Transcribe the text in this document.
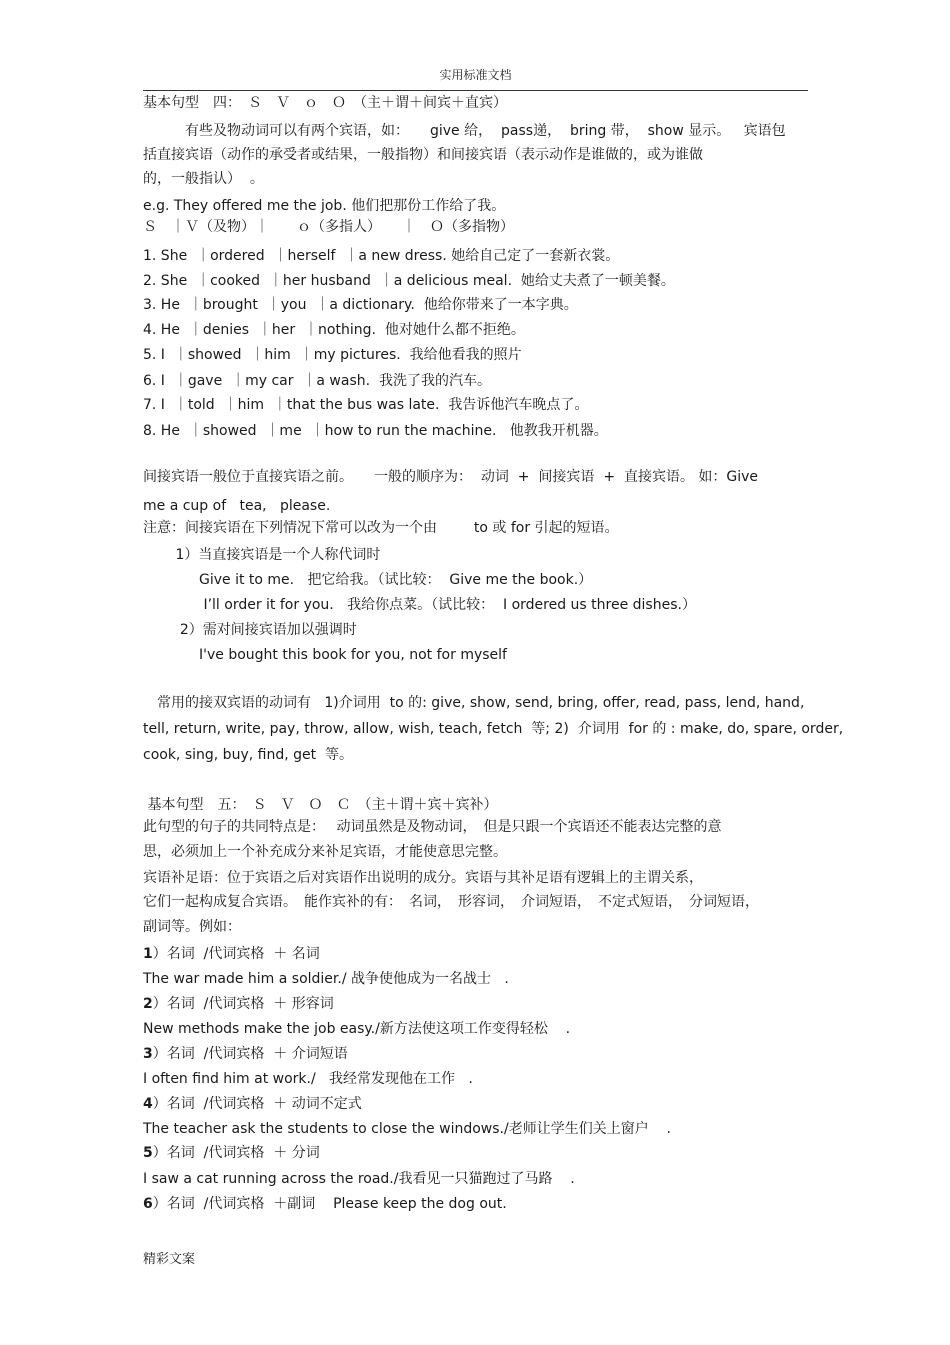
实用标准文档
基本句型　四：　Ｓ　Ｖ　ｏ　Ｏ　（主＋谓＋间宾＋直宾）
　　　有些及物动词可以有两个宾语，如：　　give 给，  pass递，  bring 带，  show 显示。   宾语包
括直接宾语（动作的承受者或结果，一般指物）和间接宾语（表示动作是谁做的，或为谁做
的，一般指认）  。
e.g. They offered me the job. 他们把那份工作给了我。
Ｓ　｜Ｖ（及物）｜　　ｏ（多指人）　　｜　Ｏ（多指物）
1. She  ｜ordered  ｜herself  ｜a new dress. 她给自己定了一套新衣裳。
2. She  ｜cooked  ｜her husband  ｜a delicious meal.  她给丈夫煮了一顿美餐。
3. He  ｜brought  ｜you  ｜a dictionary.  他给你带来了一本字典。
4. He  ｜denies  ｜her  ｜nothing.  他对她什么都不拒绝。
5. I  ｜showed  ｜him  ｜my pictures.  我给他看我的照片
6. I  ｜gave  ｜my car  ｜a wash.  我洗了我的汽车。
7. I  ｜told  ｜him  ｜that the bus was late.  我告诉他汽车晚点了。
8. He  ｜showed  ｜me  ｜how to run the machine.   他教我开机器。
间接宾语一般位于直接宾语之前。　　一般的顺序为：  动词  +  间接宾语  +  直接宾语。 如：Give
me a cup of   tea,   please.
注意：间接宾语在下列情况下常可以改为一个由　　  to 或 for 引起的短语。
　　 1）当直接宾语是一个人称代词时
　　　　Give it to me.   把它给我。（试比较：  Give me the book.）
　　　　 I’ll order it for you.   我给你点菜。（试比较：  I ordered us three dishes.）
　　  2）需对间接宾语加以强调时
　　　　I've bought this book for you, not for myself
　常用的接双宾语的动词有   1)介词用  to 的: give, show, send, bring, offer, read, pass, lend, hand,
tell, return, write, pay, throw, allow, wish, teach, fetch  等; 2)  介词用  for 的 : make, do, spare, order,
cook, sing, buy, find, get  等。
基本句型　五：　Ｓ　Ｖ　Ｏ　Ｃ　（主＋谓＋宾＋宾补）
此句型的句子的共同特点是：　 动词虽然是及物动词，　但是只跟一个宾语还不能表达完整的意
思，必须加上一个补充成分来补足宾语，才能使意思完整。
宾语补足语：位于宾语之后对宾语作出说明的成分。宾语与其补足语有逻辑上的主谓关系，
它们一起构成复合宾语。　能作宾补的有：　名词，　形容词，　介词短语，　不定式短语，　分词短语，
副词等。例如：
1）名词  /代词宾格  ＋ 名词
The war made him a soldier./ 战争使他成为一名战士   .
2）名词  /代词宾格  ＋ 形容词
New methods make the job easy./新方法使这项工作变得轻松    .
3）名词  /代词宾格  ＋ 介词短语
I often find him at work./   我经常发现他在工作   .
4）名词  /代词宾格  ＋ 动词不定式
The teacher ask the students to close the windows./老师让学生们关上窗户    .
5）名词  /代词宾格  ＋ 分词
I saw a cat running across the road./我看见一只猫跑过了马路    .
6）名词  /代词宾格  ＋副词    Please keep the dog out.
精彩文案
